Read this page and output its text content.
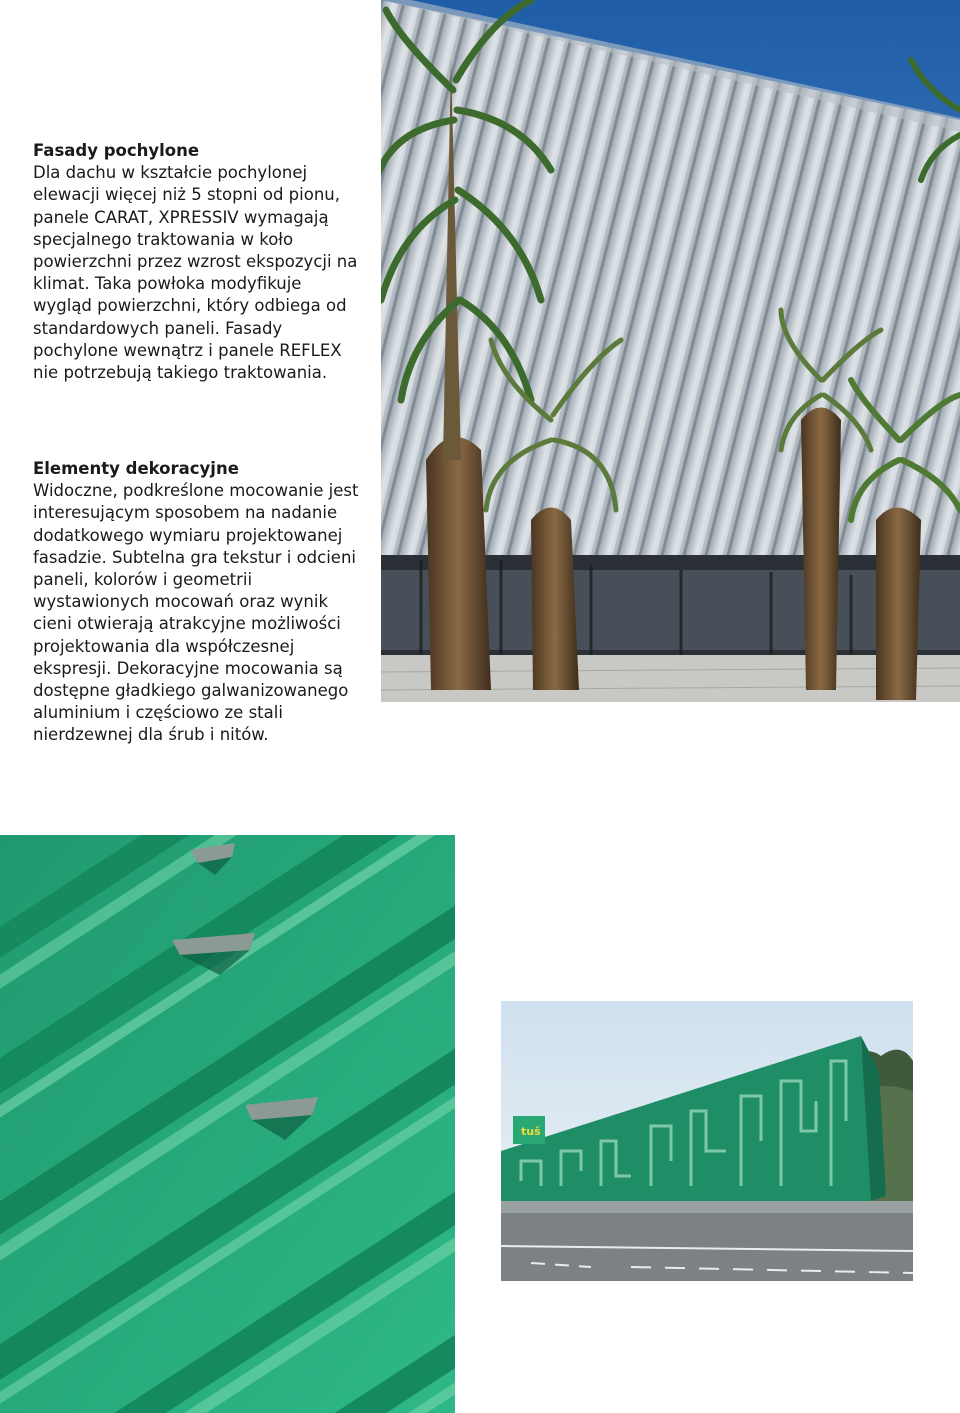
Fasady pochylone

Dla dachu w kształcie pochylonej elewacji więcej niż 5 stopni od pionu, panele CARAT, XPRESSIV wymagają specjalnego traktowania w koło powierzchni przez wzrost ekspozycji na klimat. Taka powłoka modyfikuje wygląd powierzchni, który odbiega od standardowych paneli. Fasady pochylone wewnątrz i panele REFLEX nie potrzebują takiego traktowania.

Elementy dekoracyjne

Widoczne, podkreślone mocowanie jest interesującym sposobem na nadanie dodatkowego wymiaru projektowanej fasadzie. Subtelna gra tekstur i odcieni paneli, kolorów i geometrii wystawionych mocowań oraz wynik cieni otwierają atrakcyjne możliwości projektowania dla współczesnej ekspresji. Dekoracyjne mocowania są dostępne gładkiego galwanizowanego aluminium i częściowo ze stali nierdzewnej dla śrub i nitów.

tuš
